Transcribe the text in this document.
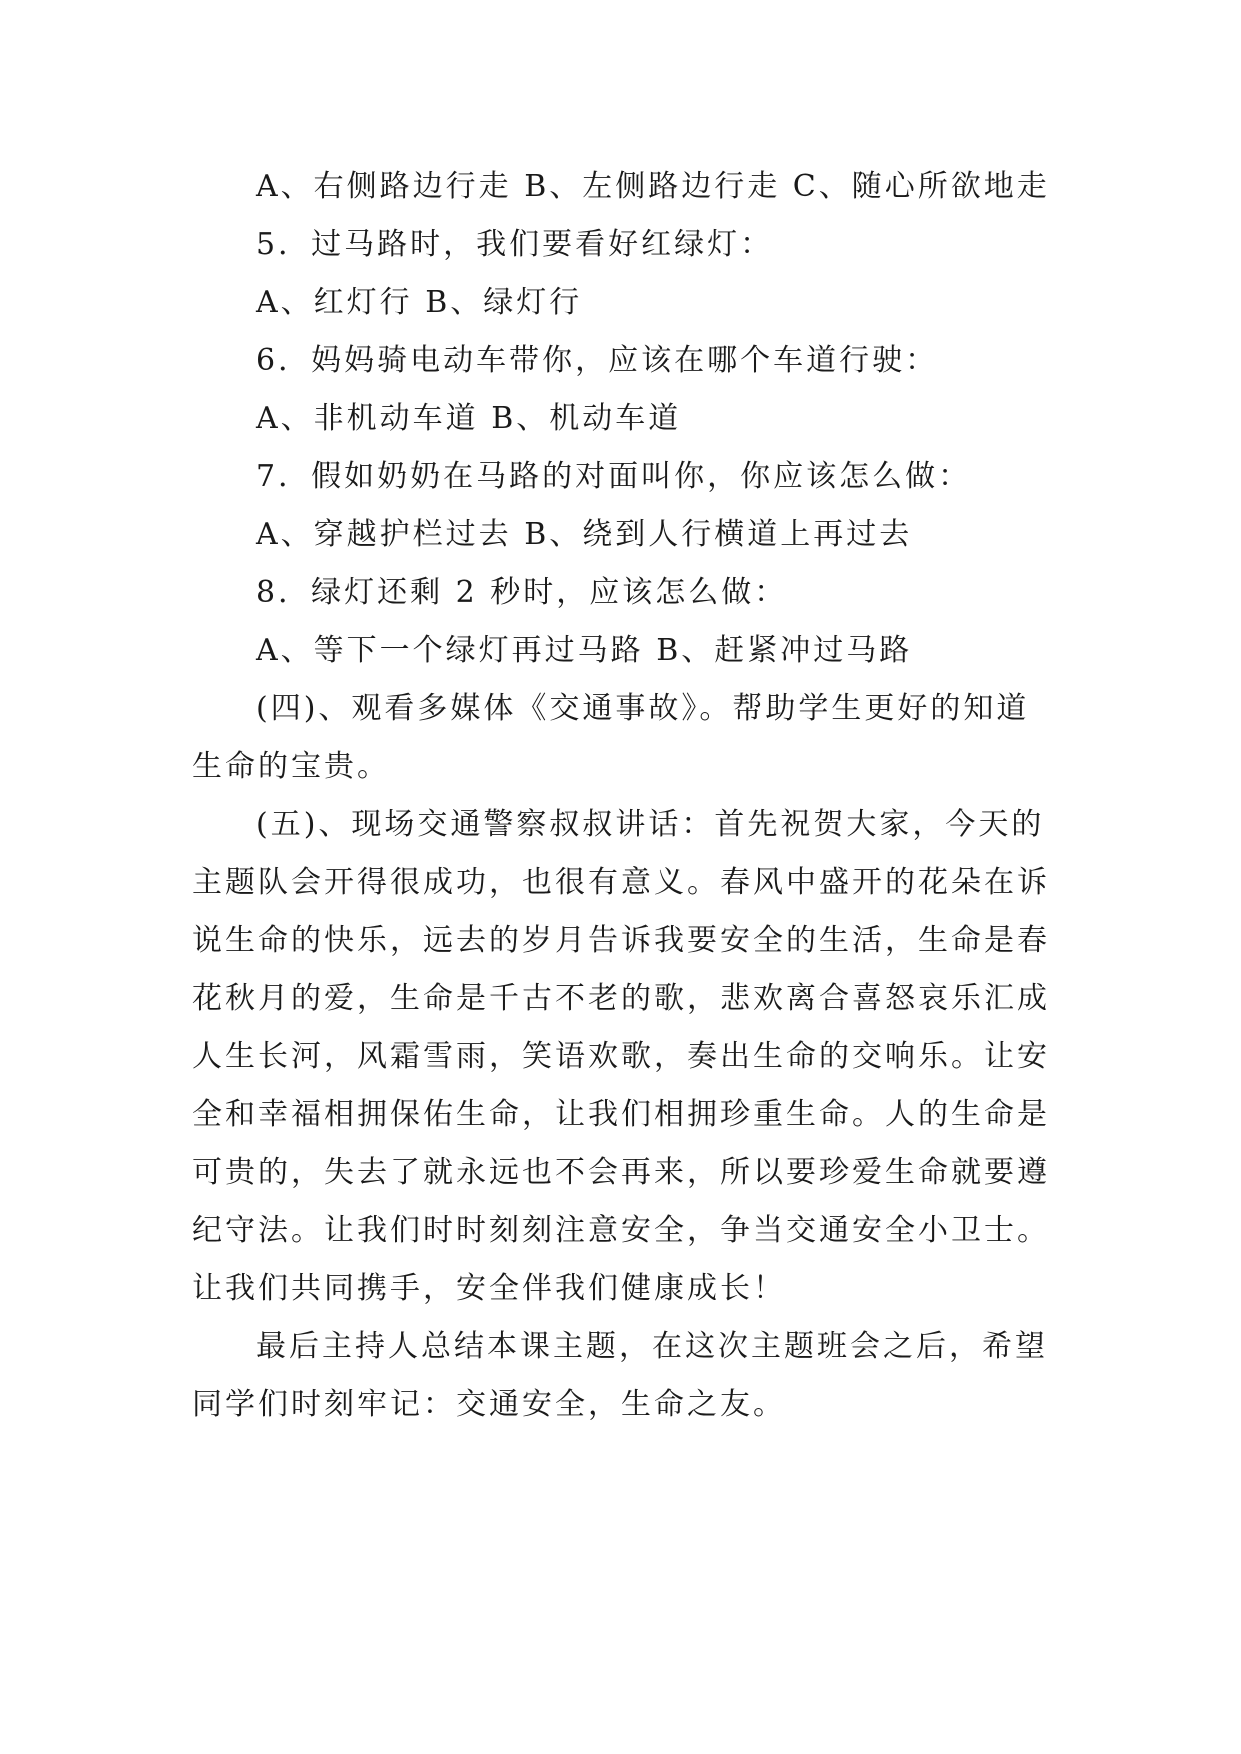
A、右侧路边行走 B、左侧路边行走 C、随心所欲地走
5．过马路时，我们要看好红绿灯：
A、红灯行 B、绿灯行
6．妈妈骑电动车带你，应该在哪个车道行驶：
A、非机动车道 B、机动车道
7．假如奶奶在马路的对面叫你，你应该怎么做：
A、穿越护栏过去 B、绕到人行横道上再过去
8．绿灯还剩 2 秒时，应该怎么做：
A、等下一个绿灯再过马路 B、赶紧冲过马路
(四)、观看多媒体《交通事故》。帮助学生更好的知道
生命的宝贵。
(五)、现场交通警察叔叔讲话：首先祝贺大家，今天的
主题队会开得很成功，也很有意义。春风中盛开的花朵在诉
说生命的快乐，远去的岁月告诉我要安全的生活，生命是春
花秋月的爱，生命是千古不老的歌，悲欢离合喜怒哀乐汇成
人生长河，风霜雪雨，笑语欢歌，奏出生命的交响乐。让安
全和幸福相拥保佑生命，让我们相拥珍重生命。人的生命是
可贵的，失去了就永远也不会再来，所以要珍爱生命就要遵
纪守法。让我们时时刻刻注意安全，争当交通安全小卫士。
让我们共同携手，安全伴我们健康成长！
最后主持人总结本课主题，在这次主题班会之后，希望
同学们时刻牢记：交通安全，生命之友。
